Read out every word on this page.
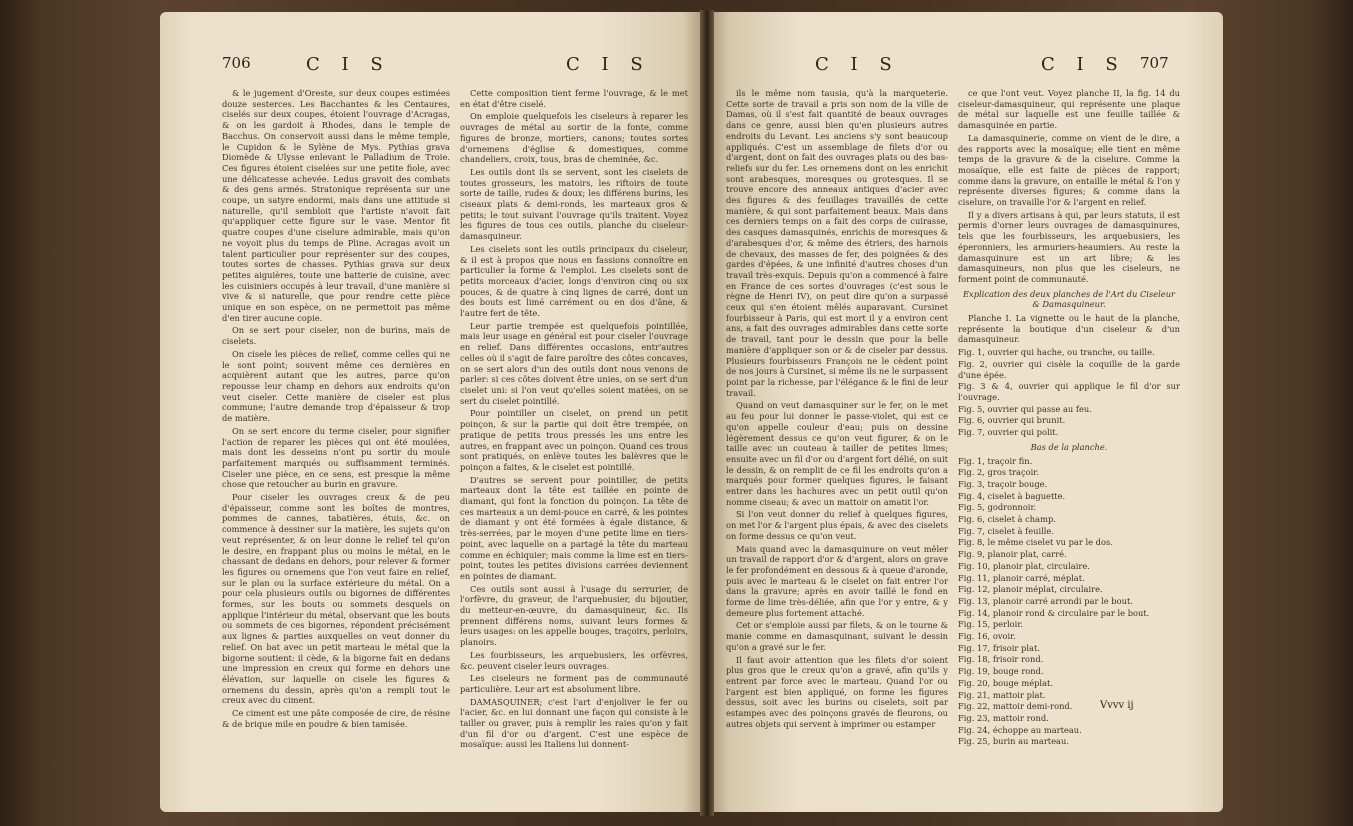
706	C I S	C I S	C I S	C I S 707

& le jugement d'Oreste, sur deux coupes estimées douze sesterces. Les Bacchantes & les Centaures, ciselés sur deux coupes, étoient l'ouvrage d'Acragas, & on les gardoit à Rhodes, dans le temple de Bacchus. On conservoit aussi dans le même temple, le Cupidon & le Sylène de Mys. Pythias grava Diomède & Ulysse enlevant le Palladium de Troie. Ces figures étoient ciselées sur une petite fiole, avec une délicatesse achevée. Ledus gravoit des combats & des gens armés. Stratonique représenta sur une coupe, un satyre endormi, mais dans une attitude si naturelle, qu'il sembloit que l'artiste n'avoit fait qu'appliquer cette figure sur le vase. Mentor fit quatre coupes d'une ciselure admirable, mais qu'on ne voyoit plus du temps de Pline. Acragas avoit un talent particulier pour représenter sur des coupes, toutes sortes de chasses. Pythias grava sur deux petites aiguières, toute une batterie de cuisine, avec les cuisiniers occupés à leur travail, d'une manière si vive & si naturelle, que pour rendre cette pièce unique en son espèce, on ne permettoit pas même d'en tirer aucune copie.

On se sert pour ciseler, non de burins, mais de ciselets.

On cisele les pièces de relief, comme celles qui ne le sont point; souvent même ces dernières en acquièrent autant que les autres, parce qu'on repousse leur champ en dehors aux endroits qu'on veut ciseler. Cette manière de ciseler est plus commune; l'autre demande trop d'épaisseur & trop de matière.

On se sert encore du terme ciseler, pour signifier l'action de reparer les pièces qui ont été moulées, mais dont les desseins n'ont pu sortir du moule parfaitement marqués ou suffisamment terminés. Ciseler une pièce, en ce sens, est presque la même chose que retoucher au burin en gravure.

Pour ciseler les ouvrages creux & de peu d'épaisseur, comme sont les boîtes de montres, pommes de cannes, tabatières, étuis, &c. on commence à dessiner sur la matière, les sujets qu'on veut représenter, & on leur donne le relief tel qu'on le desire, en frappant plus ou moins le métal, en le chassant de dedans en dehors, pour relever & former les figures ou ornemens que l'on veut faire en relief, sur le plan ou la surface extérieure du métal. On a pour cela plusieurs outils ou bigornes de différentes formes, sur les bouts ou sommets desquels on applique l'intérieur du métal, observant que les bouts ou sommets de ces bigornes, répondent précisément aux lignes & parties auxquelles on veut donner du relief. On bat avec un petit marteau le métal que la bigorne soutient: il cède, & la bigorne fait en dedans une impression en creux qui forme en dehors une élévation, sur laquelle on cisele les figures & ornemens du dessin, après qu'on a rempli tout le creux avec du ciment.

Ce ciment est une pâte composée de cire, de résine & de brique mile en poudre & bien tamisée.

Cette composition tient ferme l'ouvrage, & le met en état d'être ciselé.

On emploie quelquefois les ciseleurs à reparer les ouvrages de métal au sortir de la fonte, comme figures de bronze, mortiers, canons; toutes sortes d'ornemens d'église & domestiques, comme chandeliers, croix, tous, bras de cheminée, &c.

Les outils dont ils se servent, sont les ciselets de toutes grosseurs, les matoirs, les riftoirs de toute sorte de taille, rudes & doux; les différens burins, les ciseaux plats & demi-ronds, les marteaux gros & petits; le tout suivant l'ouvrage qu'ils traitent. Voyez les figures de tous ces outils, planche du ciseleur-damasquineur.

Les ciselets sont les outils principaux du ciseleur, & il est à propos que nous en fassions connoître en particulier la forme & l'emploi. Les ciselets sont de petits morceaux d'acier, longs d'environ cinq ou six pouces, & de quatre à cinq lignes de carré, dont un des bouts est limé carrément ou en dos d'âne, & l'autre fert de tête.

Leur partie trempée est quelquefois pointillée, mais leur usage en général est pour ciseler l'ouvrage en relief. Dans différentes occasions, entr'autres celles où il s'agit de faire paroître des côtes concaves, on se sert alors d'un des outils dont nous venons de parler: si ces côtes doivent être unies, on se sert d'un ciselet uni: si l'on veut qu'elles soient matées, on se sert du ciselet pointillé.

Pour pointiller un ciselet, on prend un petit poinçon, & sur la partie qui doit être trempée, on pratique de petits trous pressés les uns entre les autres, en frappant avec un poinçon. Quand ces trous sont pratiqués, on enlève toutes les balèvres que le poinçon a faites, & le ciselet est pointillé.

D'autres se servent pour pointiller, de petits marteaux dont la tête est taillée en pointe de diamant, qui font la fonction du poinçon. La tête de ces marteaux a un demi-pouce en carré, & les pointes de diamant y ont été formées à égale distance, & très-serrées, par le moyen d'une petite lime en tiers-point, avec laquelle on a partagé la tête du marteau comme en échiquier; mais comme la lime est en tiers-point, toutes les petites divisions carrées deviennent en pointes de diamant.

Ces outils sont aussi à l'usage du serrurier, de l'orfèvre, du graveur, de l'arquebusier, du bijoutier, du metteur-en-œuvre, du damasquineur, &c. Ils prennent différens noms, suivant leurs formes & leurs usages: on les appelle bouges, traçoirs, perloirs, planoirs.

Les fourbisseurs, les arquebusiers, les orfèvres, &c. peuvent ciseler leurs ouvrages.

Les ciseleurs ne forment pas de communauté particulière. Leur art est absolument libre.

DAMASQUINER; c'est l'art d'enjoliver le fer ou l'acier, &c. en lui donnant une façon qui consiste à le tailler ou graver, puis à remplir les raies qu'on y fait d'un fil d'or ou d'argent. C'est une espèce de mosaïque: aussi les Italiens lui donnent-

ils le même nom tausia, qu'à la marqueterie. Cette sorte de travail a pris son nom de la ville de Damas, où il s'est fait quantité de beaux ouvrages dans ce genre, aussi bien qu'en plusieurs autres endroits du Levant. Les anciens s'y sont beaucoup appliqués. C'est un assemblage de filets d'or ou d'argent, dont on fait des ouvrages plats ou des bas-reliefs sur du fer. Les ornemens dont on les enrichit sont arabesques, moresques ou grotesques. Il se trouve encore des anneaux antiques d'acier avec des figures & des feuillages travaillés de cette manière, & qui sont parfaitement beaux. Mais dans ces derniers temps on a fait des corps de cuirasse, des casques damasquinés, enrichis de moresques & d'arabesques d'or, & même des étriers, des harnois de chevaux, des masses de fer, des poignées & des gardes d'épées, & une infinité d'autres choses d'un travail très-exquis. Depuis qu'on a commencé à faire en France de ces sortes d'ouvrages (c'est sous le règne de Henri IV), on peut dire qu'on a surpassé ceux qui s'en étoient mêlés auparavant. Cursinet fourbisseur à Paris, qui est mort il y a environ cent ans, a fait des ouvrages admirables dans cette sorte de travail, tant pour le dessin que pour la belle manière d'appliquer son or & de ciseler par dessus. Plusieurs fourbisseurs François ne le cèdent point de nos jours à Cursinet, si même ils ne le surpassent point par la richesse, par l'élégance & le fini de leur travail.

Quand on veut damasquiner sur le fer, on le met au feu pour lui donner le passe-violet, qui est ce qu'on appelle couleur d'eau; puis on dessine légèrement dessus ce qu'on veut figurer, & on le taille avec un couteau à tailler de petites limes; ensuite avec un fil d'or ou d'argent fort délié, on suit le dessin, & on remplit de ce fil les endroits qu'on a marqués pour former quelques figures, le faisant entrer dans les hachures avec un petit outil qu'on nomme ciseau; & avec un mattoir on amatit l'or.

Si l'on veut donner du relief à quelques figures, on met l'or & l'argent plus épais, & avec des ciselets on forme dessus ce qu'on veut.

Mais quand avec la damasquinure on veut mêler un travail de rapport d'or & d'argent, alors on grave le fer profondément en dessous & à queue d'aronde, puis avec le marteau & le ciselet on fait entrer l'or dans la gravure; après en avoir taillé le fond en forme de lime très-déliée, afin que l'or y entre, & y demeure plus fortement attaché.

Cet or s'emploie aussi par filets, & on le tourne & manie comme en damasquinant, suivant le dessin qu'on a gravé sur le fer.

Il faut avoir attention que les filets d'or soient plus gros que le creux qu'on a gravé, afin qu'ils y entrent par force avec le marteau. Quand l'or ou l'argent est bien appliqué, on forme les figures dessus, soit avec les burins ou ciselets, soit par estampes avec des poinçons gravés de fleurons, ou autres objets qui servent à imprimer ou estamper

ce que l'ont veut. Voyez planche II, la fig. 14 du ciseleur-damasquineur, qui représente une plaque de métal sur laquelle est une feuille taillée & damasquinée en partie.

La damasquinerie, comme on vient de le dire, a des rapports avec la mosaïque; elle tient en même temps de la gravure & de la ciselure. Comme la mosaïque, elle est faite de pièces de rapport; comme dans la gravure, on entaille le métal & l'on y représente diverses figures; & comme dans la ciselure, on travaille l'or & l'argent en relief.

Il y a divers artisans à qui, par leurs statuts, il est permis d'orner leurs ouvrages de damasquinures, tels que les fourbisseurs, les arquebusiers, les éperonniers, les armuriers-heaumiers. Au reste la damasquinure est un art libre; & les damasquineurs, non plus que les ciseleurs, ne forment point de communauté.

Explication des deux planches de l'Art du Ciseleur & Damasquineur.

Planche I. La vignette ou le haut de la planche, représente la boutique d'un ciseleur & d'un damasquineur.

Fig. 1, ouvrier qui hache, ou tranche, ou taille.

Fig. 2, ouvrier qui cisèle la coquille de la garde d'une épée.

Fig. 3 & 4, ouvrier qui applique le fil d'or sur l'ouvrage.

Fig. 5, ouvrier qui passe au feu.

Fig. 6, ouvrier qui brunit.

Fig. 7, ouvrier qui polit.

Bas de la planche.

Fig. 1, traçoir fin.

Fig. 2, gros traçoir.

Fig. 3, traçoir bouge.

Fig. 4, ciselet à baguette.

Fig. 5, godronnoir.

Fig. 6, ciselet à champ.

Fig. 7, ciselet à feuille.

Fig. 8, le même ciselet vu par le dos.

Fig. 9, planoir plat, carré.

Fig. 10, planoir plat, circulaire.

Fig. 11, planoir carré, méplat.

Fig. 12, planoir méplat, circulaire.

Fig. 13, planoir carré arrondi par le bout.

Fig. 14, planoir rond & circulaire par le bout.

Fig. 15, perloir.

Fig. 16, ovoir.

Fig. 17, frisoir plat.

Fig. 18, frisoir rond.

Fig. 19, bouge rond.

Fig. 20, bouge méplat.

Fig. 21, mattoir plat.

Fig. 22, mattoir demi-rond.

Fig. 23, mattoir rond.

Fig. 24, échoppe au marteau.

Fig. 25, burin au marteau.

Vvvv ij
